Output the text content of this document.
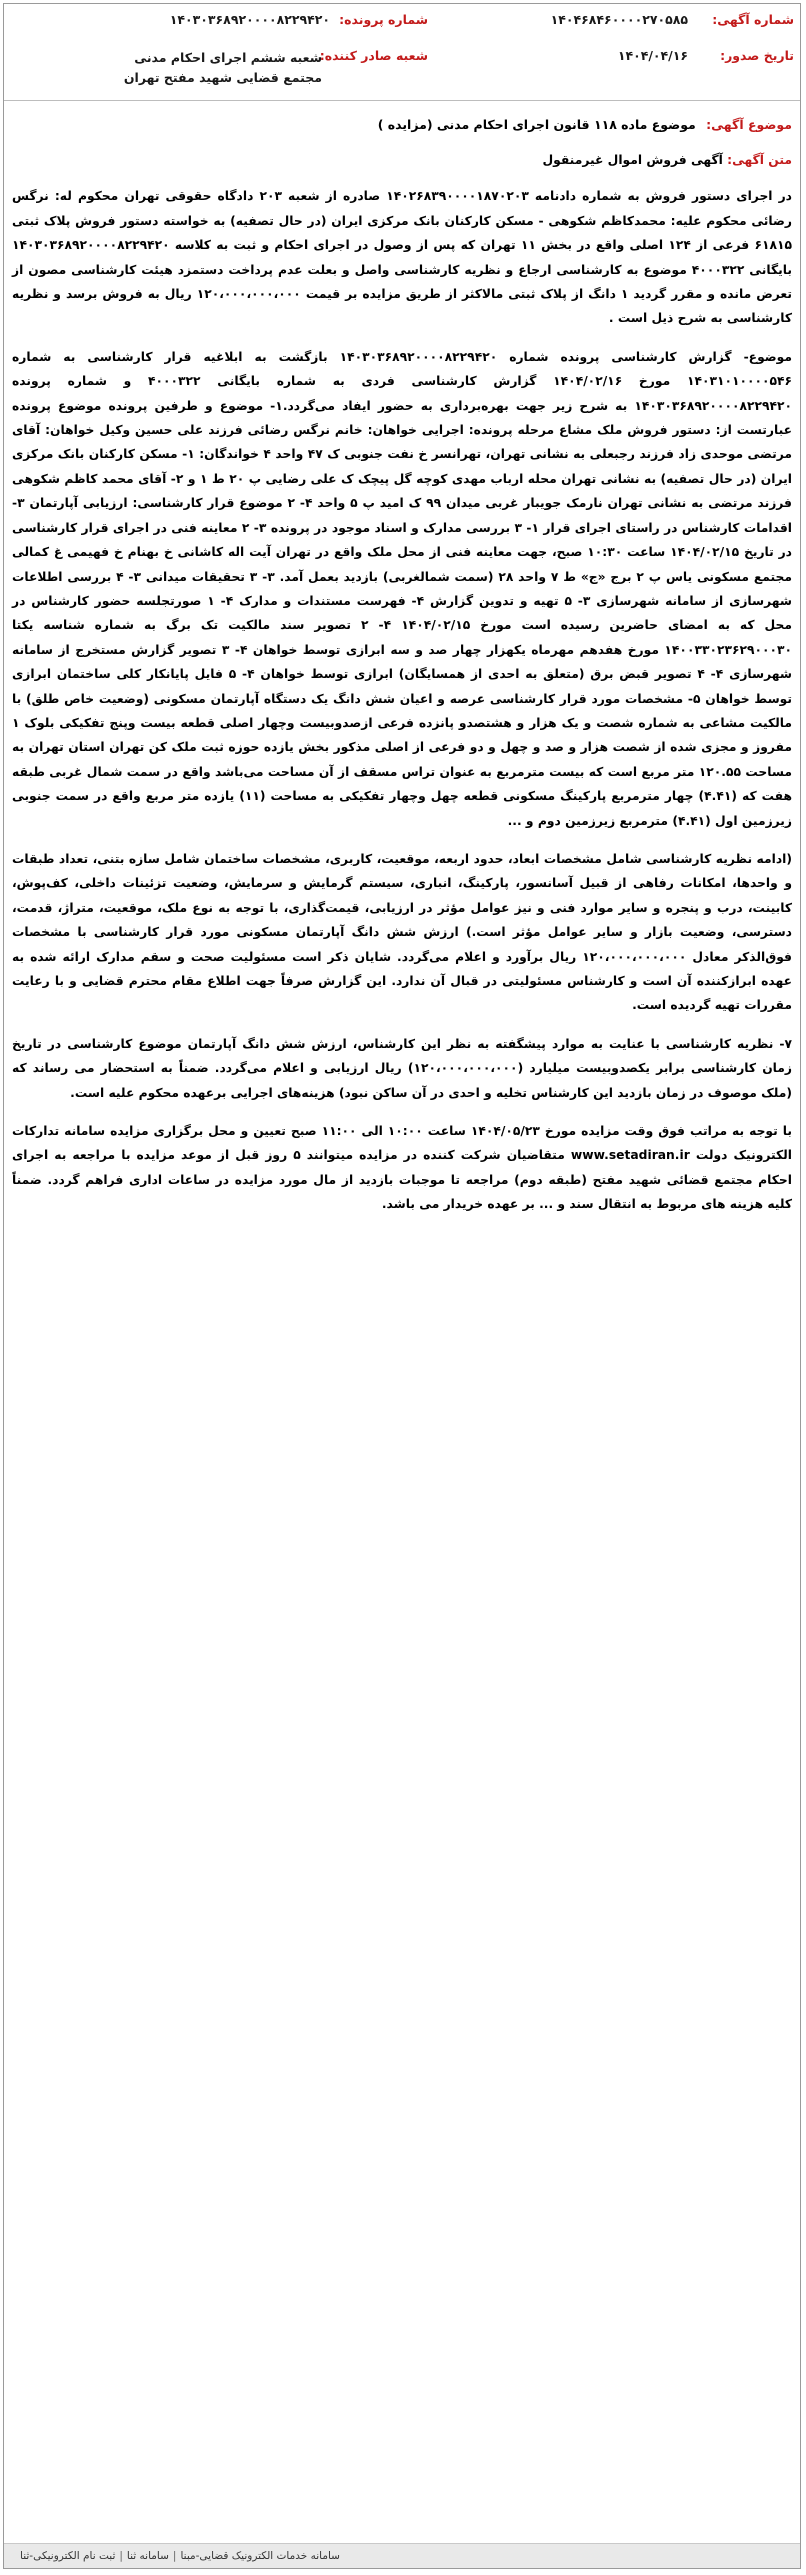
شماره آگهی:
۱۴۰۴۶۸۴۶۰۰۰۰۲۷۰۵۸۵
شماره پرونده:
۱۴۰۳۰۳۶۸۹۲۰۰۰۰۸۲۲۹۴۲۰
تاریخ صدور:
۱۴۰۴/۰۴/۱۶
شعبه صادر کننده:
شعبه ششم اجرای احکام مدنی مجتمع قضایی شهید مفتح تهران
موضوع آگهی: موضوع ماده ۱۱۸ قانون اجرای احکام مدنی (مزایده )
متن آگهی: آگهی فروش اموال غیرمنقول

در اجرای دستور فروش به شماره دادنامه ۱۴۰۲۶۸۳۹۰۰۰۰۱۸۷۰۲۰۳ صادره از شعبه ۲۰۳ دادگاه حقوقی تهران محکوم له: نرگس رضائی محکوم علیه: محمدکاظم شکوهی - مسکن کارکنان بانک مرکزی ایران (در حال تصفیه) به خواسته دستور فروش پلاک ثبتی ۶۱۸۱۵ فرعی از ۱۲۴ اصلی واقع در بخش ۱۱ تهران که پس از وصول در اجرای احکام و ثبت به کلاسه ۱۴۰۳۰۳۶۸۹۲۰۰۰۰۸۲۲۹۴۲۰ بایگانی ۴۰۰۰۳۲۲ موضوع به کارشناسی ارجاع و نظریه کارشناسی واصل و بعلت عدم پرداخت دستمزد هیئت کارشناسی مصون از تعرض مانده و مقرر گردید ۱ دانگ از پلاک ثبتی مالاکثر از طریق مزایده بر قیمت ۱۲۰،۰۰۰،۰۰۰،۰۰۰ ریال به فروش برسد و نظریه کارشناسی به شرح ذیل است .

موضوع- گزارش کارشناسی پرونده شماره ۱۴۰۳۰۳۶۸۹۲۰۰۰۰۸۲۲۹۴۲۰ بازگشت به ابلاغیه قرار کارشناسی به شماره ۱۴۰۳۱۰۱۰۰۰۰۵۴۶ مورخ ۱۴۰۴/۰۲/۱۶ گزارش کارشناسی فردی به شماره بایگانی ۴۰۰۰۳۲۲ و شماره پرونده ۱۴۰۳۰۳۶۸۹۲۰۰۰۰۸۲۲۹۴۲۰ به شرح زیر جهت بهره‌برداری به حضور ایفاد می‌گردد.۱- موضوع و طرفین پرونده موضوع پرونده عبارتست از: دستور فروش ملک مشاع مرحله پرونده: اجرایی خواهان: خانم نرگس رضائی فرزند علی حسین وکیل خواهان: آقای مرتضی موحدی زاد فرزند رجبعلی به نشانی تهران، تهرانسر خ نفت جنوبی ک ۴۷ واحد ۴ خواندگان: ۱- مسکن کارکنان بانک مرکزی ایران (در حال تصفیه) به نشانی تهران محله ارباب مهدی کوچه گل پیچک ک علی رضایی پ ۲۰ ط ۱ و ۲- آقای محمد کاظم شکوهی فرزند مرتضی به نشانی تهران نارمک جویبار غربی میدان ۹۹ ک امید پ ۵ واحد ۴- ۲ موضوع قرار کارشناسی: ارزیابی آپارتمان ۳- اقدامات کارشناس در راستای اجرای قرار ۱- ۳ بررسی مدارک و اسناد موجود در پرونده ۳- ۲ معاینه فنی در اجرای قرار کارشناسی در تاریخ ۱۴۰۴/۰۲/۱۵ ساعت ۱۰:۳۰ صبح، جهت معاینه فنی از محل ملک واقع در تهران آیت اله کاشانی خ بهنام خ فهیمی غ کمالی مجتمع مسکونی یاس پ ۲ برج «ج» ط ۷ واحد ۲۸ (سمت شمالغربی) بازدید بعمل آمد. ۳- ۳ تحقیقات میدانی ۳- ۴ بررسی اطلاعات شهرسازی از سامانه شهرسازی ۳- ۵ تهیه و تدوین گزارش ۴- فهرست مستندات و مدارک ۴- ۱ صورتجلسه حضور کارشناس در محل که به امضای حاضرین رسیده است مورخ ۱۴۰۴/۰۲/۱۵ ۴- ۲ تصویر سند مالکیت تک برگ به شماره شناسه یکتا ۱۴۰۰۳۳۰۲۳۶۲۹۰۰۰۳۰ مورخ هفدهم مهرماه یکهزار چهار صد و سه ابرازی توسط خواهان ۴- ۳ تصویر گزارش مستخرج از سامانه شهرسازی ۴- ۴ تصویر قبض برق (متعلق به احدی از همسایگان) ابرازی توسط خواهان ۴- ۵ فایل پایانکار کلی ساختمان ابرازی توسط خواهان ۵- مشخصات مورد قرار کارشناسی عرصه و اعیان شش دانگ یک دستگاه آپارتمان مسکونی (وضعیت خاص طلق) با مالکیت مشاعی به شماره شصت و یک هزار و هشتصدو پانزده فرعی ازصدوبیست وچهار اصلی قطعه بیست وپنج تفکیکی بلوک ۱ مفروز و مجزی شده از شصت هزار و صد و چهل و دو فرعی از اصلی مذکور بخش یازده حوزه ثبت ملک کن تهران استان تهران به مساحت ۱۲۰.۵۵ متر مربع است که بیست مترمربع به عنوان تراس مسقف از آن مساحت می‌باشد واقع در سمت شمال غربی طبقه هفت که (۴.۴۱) چهار مترمربع پارکینگ مسکونی قطعه چهل وچهار تفکیکی به مساحت (۱۱) یازده متر مربع واقع در سمت جنوبی زیرزمین اول (۴.۴۱) مترمربع زیرزمین دوم و ...

(ادامه نظریه کارشناسی شامل مشخصات ابعاد، حدود اربعه، موقعیت، کاربری، مشخصات ساختمان شامل سازه بتنی، تعداد طبقات و واحدها، امکانات رفاهی از قبیل آسانسور، پارکینگ، انباری، سیستم گرمایش و سرمایش، وضعیت تزئینات داخلی، کف‌پوش، کابینت، درب و پنجره و سایر موارد فنی و نیز عوامل مؤثر در ارزیابی، قیمت‌گذاری، با توجه به نوع ملک، موقعیت، متراژ، قدمت، دسترسی، وضعیت بازار و سایر عوامل مؤثر است.) ارزش شش دانگ آپارتمان مسکونی مورد قرار کارشناسی با مشخصات فوق‌الذکر معادل ۱۲۰،۰۰۰،۰۰۰،۰۰۰ ریال برآورد و اعلام می‌گردد. شایان ذکر است مسئولیت صحت و سقم مدارک ارائه شده به عهده ابرازکننده آن است و کارشناس مسئولیتی در قبال آن ندارد. این گزارش صرفاً جهت اطلاع مقام محترم قضایی و با رعایت مقررات تهیه گردیده است.

۷- نظریه کارشناسی با عنایت به موارد پیشگفته به نظر این کارشناس، ارزش شش دانگ آپارتمان موضوع کارشناسی در تاریخ زمان کارشناسی برابر یکصدوبیست میلیارد (۱۲۰،۰۰۰،۰۰۰،۰۰۰) ریال ارزیابی و اعلام می‌گردد. ضمناً به استحضار می رساند که (ملک موصوف در زمان بازدید این کارشناس تخلیه و احدی در آن ساکن نبود) هزینه‌های اجرایی برعهده محکوم علیه است.

با توجه به مراتب فوق وقت مزایده مورخ ۱۴۰۴/۰۵/۲۳ ساعت ۱۰:۰۰ الی ۱۱:۰۰ صبح تعیین و محل برگزاری مزایده سامانه تدارکات الکترونیک دولت www.setadiran.ir متقاضیان شرکت کننده در مزایده میتوانند ۵ روز قبل از موعد مزایده با مراجعه به اجرای احکام مجتمع قضائی شهید مفتح (طبقه دوم) مراجعه تا موجبات بازدید از مال مورد مزایده در ساعات اداری فراهم گردد. ضمناً کلیه هزینه های مربوط به انتقال سند و ... بر عهده خریدار می باشد.

سامانه خدمات الکترونیک قضایی-مبنا
|
سامانه ثنا
|
ثبت نام الکترونیکی-ثنا
